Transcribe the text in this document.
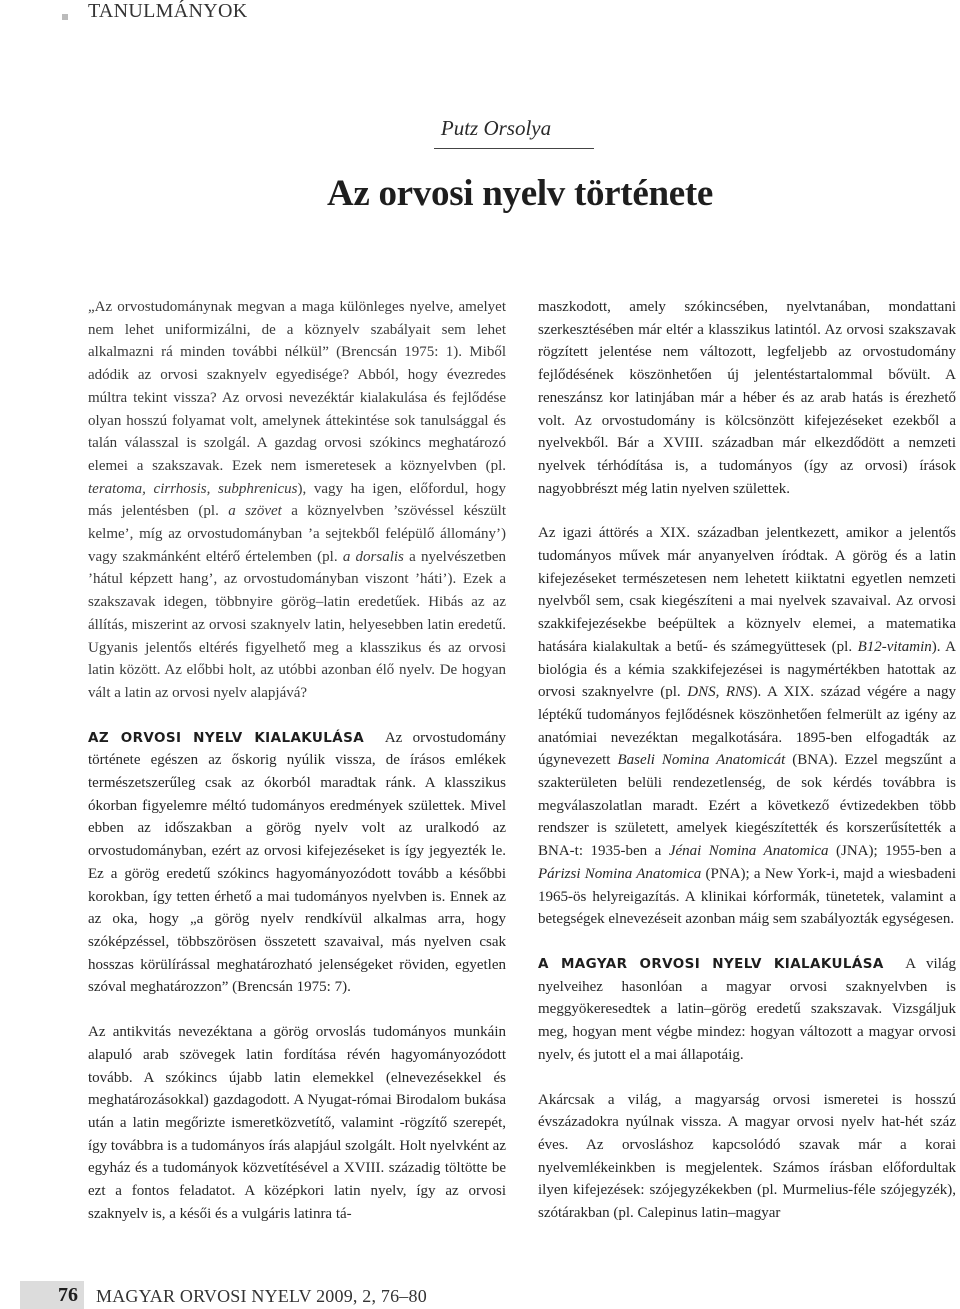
TANULMÁNYOK
Putz Orsolya
Az orvosi nyelv története

„Az orvostudománynak megvan a maga különleges nyelve, amelyet nem lehet uniformizálni, de a köznyelv szabályait sem lehet alkalmazni rá minden további nélkül” (Brencsán 1975: 1). Miből adódik az orvosi szaknyelv egyedisége? Abból, hogy évezredes múltra tekint vissza? Az orvosi nevezéktár kialakulása és fejlődése olyan hosszú folyamat volt, amelynek áttekintése sok tanulsággal és talán válasszal is szolgál. A gazdag orvosi szókincs meghatározó elemei a szakszavak. Ezek nem ismeretesek a köznyelvben (pl. teratoma, cirrhosis, subphrenicus), vagy ha igen, előfordul, hogy más jelentésben (pl. a szövet a köznyelvben ’szövéssel készült kelme’, míg az orvostudományban ’a sejtekből felépülő állomány’) vagy szakmánként eltérő értelemben (pl. a dorsalis a nyelvészetben ’hátul képzett hang’, az orvostudományban viszont ’háti’). Ezek a szakszavak idegen, többnyire görög–latin eredetűek. Hibás az az állítás, miszerint az orvosi szaknyelv latin, helyesebben latin eredetű. Ugyanis jelentős eltérés figyelhető meg a klasszikus és az orvosi latin között. Az előbbi holt, az utóbbi azonban élő nyelv. De hogyan vált a latin az orvosi nyelv alapjává?

AZ ORVOSI NYELV KIALAKULÁSA Az orvostudomány története egészen az őskorig nyúlik vissza, de írásos emlékek természetszerűleg csak az ókorból maradtak ránk. A klasszikus ókorban figyelemre méltó tudományos eredmények születtek. Mivel ebben az időszakban a görög nyelv volt az uralkodó az orvostudományban, ezért az orvosi kifejezéseket is így jegyezték le. Ez a görög eredetű szókincs hagyományozódott tovább a későbbi korokban, így tetten érhető a mai tudományos nyelvben is. Ennek az az oka, hogy „a görög nyelv rendkívül alkalmas arra, hogy szóképzéssel, többszörösen összetett szavaival, más nyelven csak hosszas körülírással meghatározható jelenségeket röviden, egyetlen szóval meghatározzon” (Brencsán 1975: 7).

Az antikvitás nevezéktana a görög orvoslás tudományos munkáin alapuló arab szövegek latin fordítása révén hagyományozódott tovább. A szókincs újabb latin elemekkel (elnevezésekkel és meghatározásokkal) gazdagodott. A Nyugat-római Birodalom bukása után a latin megőrizte ismeretközvetítő, valamint -rögzítő szerepét, így továbbra is a tudományos írás alapjául szolgált. Holt nyelvként az egyház és a tudományok közvetítésével a XVIII. századig töltötte be ezt a fontos feladatot. A középkori latin nyelv, így az orvosi szaknyelv is, a késői és a vulgáris latinra tá-

maszkodott, amely szókincsében, nyelvtanában, mondattani szerkesztésében már eltér a klasszikus latintól. Az orvosi szakszavak rögzített jelentése nem változott, legfeljebb az orvostudomány fejlődésének köszönhetően új jelentéstartalommal bővült. A reneszánsz kor latinjában már a héber és az arab hatás is érezhető volt. Az orvostudomány is kölcsönzött kifejezéseket ezekből a nyelvekből. Bár a XVIII. században már elkezdődött a nemzeti nyelvek térhódítása is, a tudományos (így az orvosi) írások nagyobbrészt még latin nyelven születtek.

Az igazi áttörés a XIX. században jelentkezett, amikor a jelentős tudományos művek már anyanyelven íródtak. A görög és a latin kifejezéseket természetesen nem lehetett kiiktatni egyetlen nemzeti nyelvből sem, csak kiegészíteni a mai nyelvek szavaival. Az orvosi szakkifejezésekbe beépültek a köznyelv elemei, a matematika hatására kialakultak a betű- és számegyüttesek (pl. B12-vitamin). A biológia és a kémia szakkifejezései is nagymértékben hatottak az orvosi szaknyelvre (pl. DNS, RNS). A XIX. század végére a nagy léptékű tudományos fejlődésnek köszönhetően felmerült az igény az anatómiai nevezéktan megalkotására. 1895-ben elfogadták az úgynevezett Baseli Nomina Anatomicát (BNA). Ezzel megszűnt a szakterületen belüli rendezetlenség, de sok kérdés továbbra is megválaszolatlan maradt. Ezért a következő évtizedekben több rendszer is született, amelyek kiegészítették és korszerűsítették a BNA-t: 1935-ben a Jénai Nomina Anatomica (JNA); 1955-ben a Párizsi Nomina Anatomica (PNA); a New York-i, majd a wiesbadeni 1965-ös helyreigazítás. A klinikai kórformák, tünetetek, valamint a betegségek elnevezéseit azonban máig sem szabályozták egységesen.

A MAGYAR ORVOSI NYELV KIALAKULÁSA A világ nyelveihez hasonlóan a magyar orvosi szaknyelvben is meggyökeresedtek a latin–görög eredetű szakszavak. Vizsgáljuk meg, hogyan ment végbe mindez: hogyan változott a magyar orvosi nyelv, és jutott el a mai állapotáig.

Akárcsak a világ, a magyarság orvosi ismeretei is hosszú évszázadokra nyúlnak vissza. A magyar orvosi nyelv hat-hét száz éves. Az orvosláshoz kapcsolódó szavak már a korai nyelvemlékeinkben is megjelentek. Számos írásban előfordultak ilyen kifejezések: szójegyzékekben (pl. Murmelius-féle szójegyzék), szótárakban (pl. Calepinus latin–magyar

76	MAGYAR ORVOSI NYELV 2009, 2, 76–80
